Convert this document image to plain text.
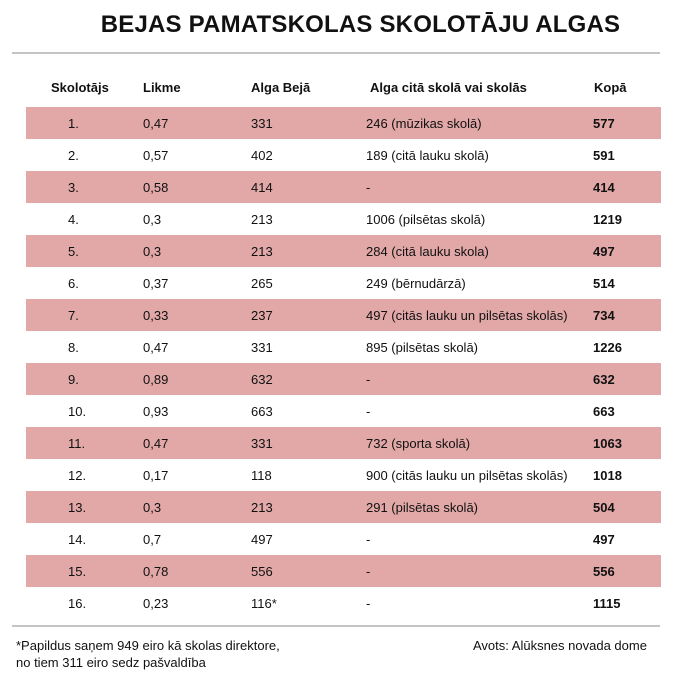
BEJAS PAMATSKOLAS SKOLOTĀJU ALGAS
Skolotājs	Likme	Alga Bejā	Alga citā skolā vai skolās	Kopā
1.	0,47	331	246 (mūzikas skolā)	577
2.	0,57	402	189 (citā lauku skolā)	591
3.	0,58	414	-	414
4.	0,3	213	1006 (pilsētas skolā)	1219
5.	0,3	213	284 (citā lauku skola)	497
6.	0,37	265	249 (bērnudārzā)	514
7.	0,33	237	497 (citās lauku un pilsētas skolās) 734
8.	0,47	331	895 (pilsētas skolā)	1226
9.	0,89	632	-	632
10.	0,93	663	-	663
11.	0,47	331	732 (sporta skolā)	1063
12.	0,17	118	900 (citās lauku un pilsētas skolās) 1018
13.	0,3	213	291 (pilsētas skolā)	504
14.	0,7	497	-	497
15.	0,78	556	-	556
16.	0,23	116*	-	1115
*Papildus saņem 949 eiro kā skolas direktore,
no tiem 311 eiro sedz pašvaldība
Avots: Alūksnes novada dome
